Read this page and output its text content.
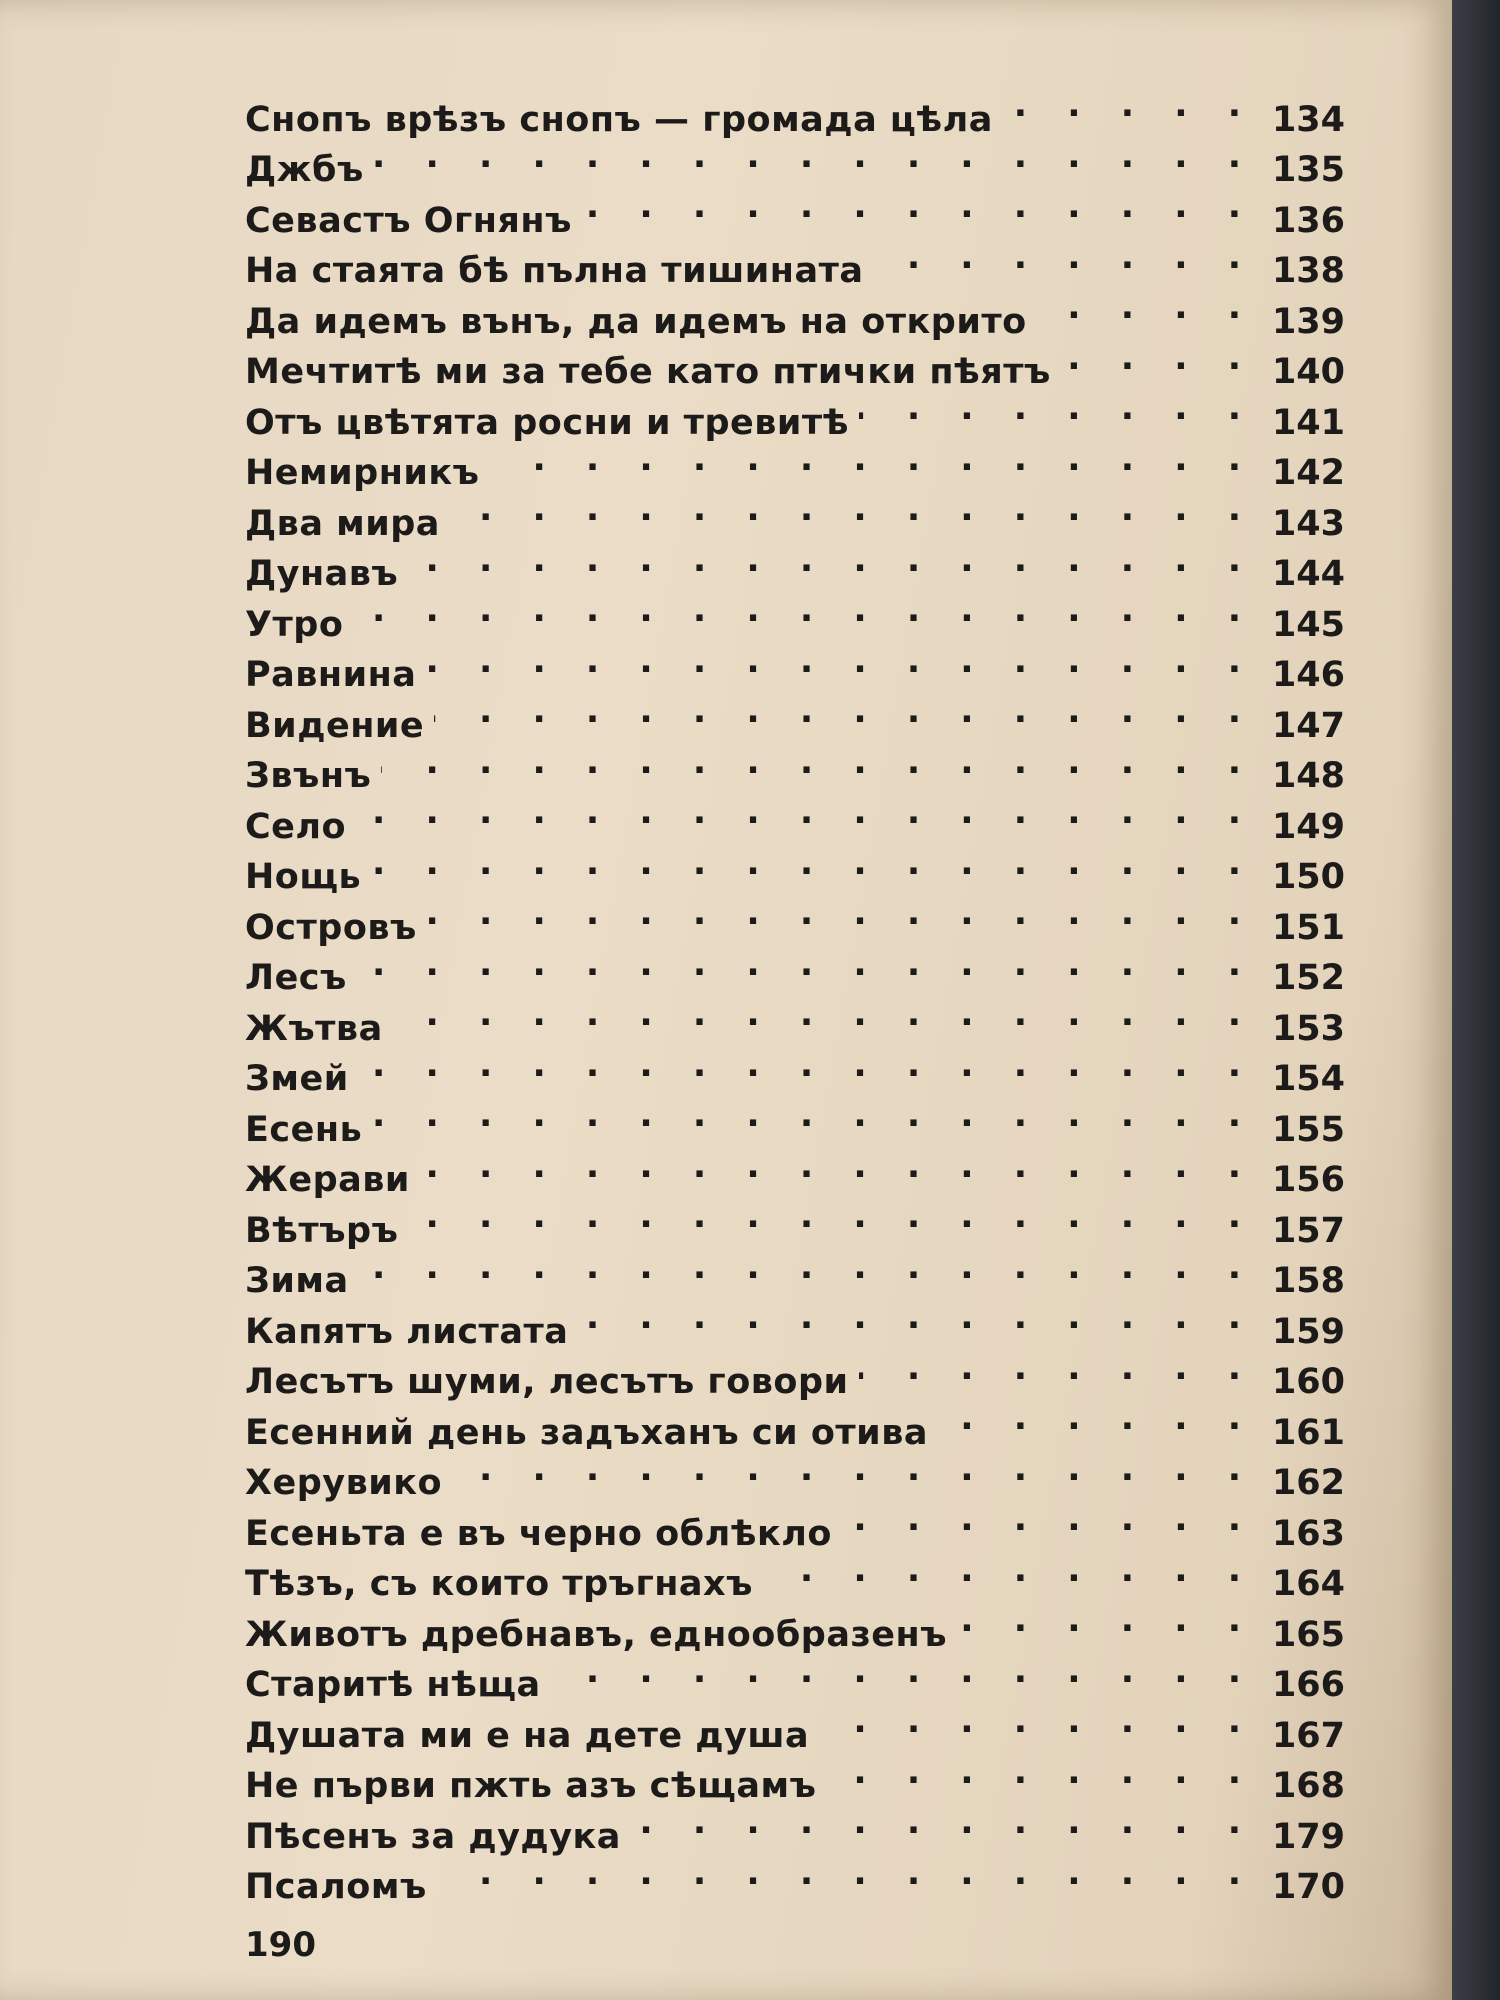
Снопъ врѣзъ снопъ — громада цѣла . . .	134
Джбъ . . .	135
Севастъ Огнянъ . . .	136
На стаята бѣ пълна тишината . . .	138
Да идемъ вънъ, да идемъ на открито . . .	139
Мечтитѣ ми за тебе като птички пѣятъ . . .	140
Отъ цвѣтята росни и тревитѣ . . .	141
Немирникъ . . .	142
Два мира . . .	143
Дунавъ . . .	144
Утро . . .	145
Равнина . . .	146
Видение . . .	147
Звънъ . . .	148
Село . . .	149
Нощь . . .	150
Островъ . . .	151
Лесъ . . .	152
Жътва . . .	153
Змей . . .	154
Есень . . .	155
Жерави . . .	156
Вѣтъръ . . .	157
Зима . . .	158
Капятъ листата . . .	159
Лесътъ шуми, лесътъ говори . . .	160
Есенний день задъханъ си отива . . .	161
Херувико . . .	162
Есеньта е въ черно облѣкло . . .	163
Тѣзъ, съ които тръгнахъ . . .	164
Животъ дребнавъ, еднообразенъ . . .	165
Старитѣ нѣща . . .	166
Душата ми е на дете душа . . .	167
Не първи пжть азъ сѣщамъ . . .	168
Пѣсенъ за дудука . . .	179
Псаломъ . . .	170
190
